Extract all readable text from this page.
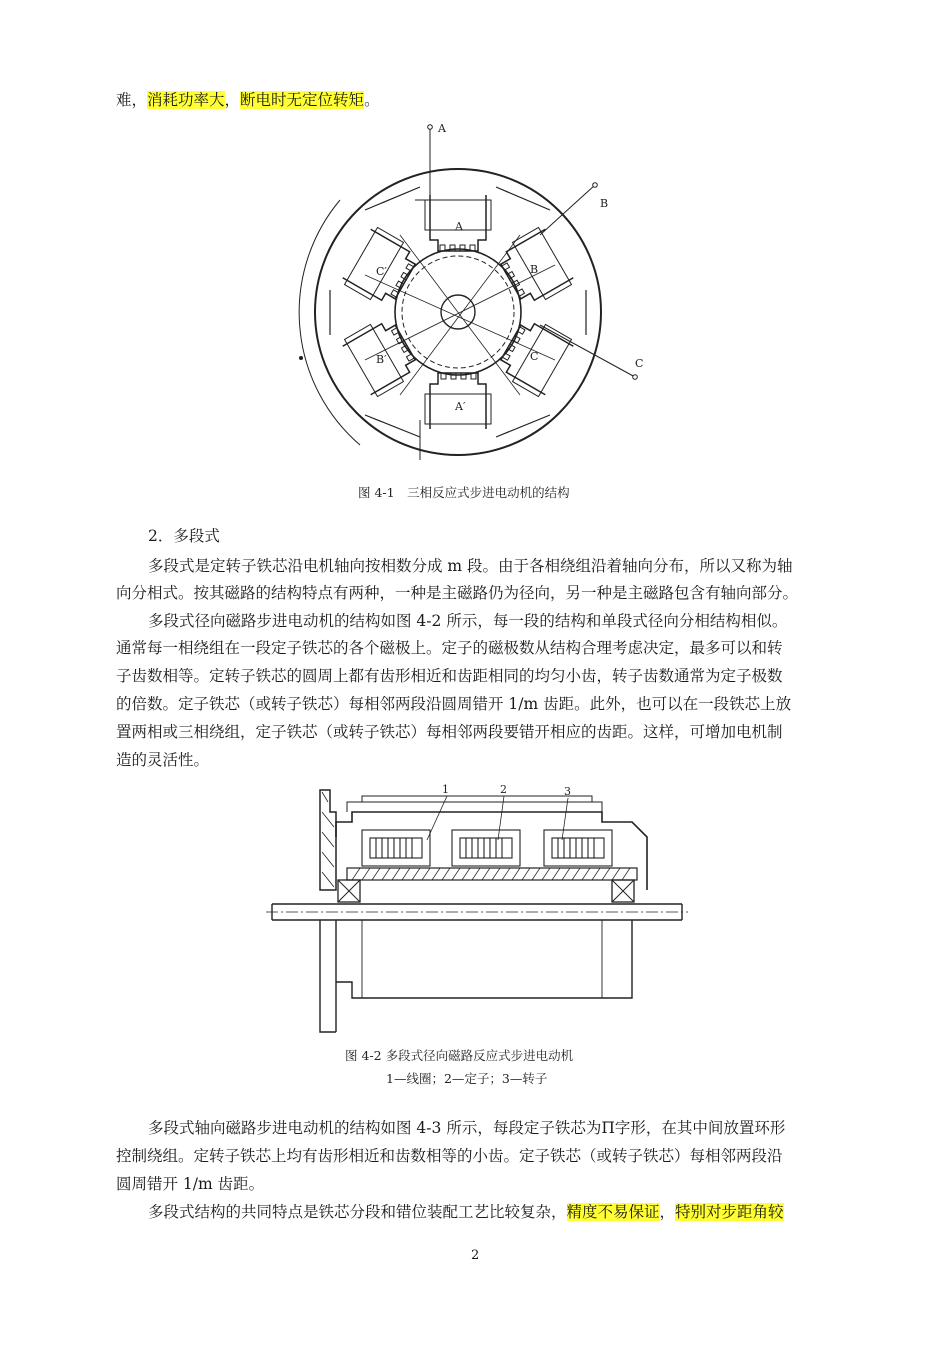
难，消耗功率大，断电时无定位转矩。
A
B
C
A
B
C
C′
B′
A′
图 4-1　三相反应式步进电动机的结构
2．多段式
多段式是定转子铁芯沿电机轴向按相数分成 m 段。由于各相绕组沿着轴向分布，所以又称为轴
向分相式。按其磁路的结构特点有两种，一种是主磁路仍为径向，另一种是主磁路包含有轴向部分。
多段式径向磁路步进电动机的结构如图 4-2 所示，每一段的结构和单段式径向分相结构相似。
通常每一相绕组在一段定子铁芯的各个磁极上。定子的磁极数从结构合理考虑决定，最多可以和转
子齿数相等。定转子铁芯的圆周上都有齿形相近和齿距相同的均匀小齿，转子齿数通常为定子极数
的倍数。定子铁芯（或转子铁芯）每相邻两段沿圆周错开 1/m 齿距。此外，也可以在一段铁芯上放
置两相或三相绕组，定子铁芯（或转子铁芯）每相邻两段要错开相应的齿距。这样，可增加电机制
造的灵活性。
1	2	3
图 4-2 多段式径向磁路反应式步进电动机
1—线圈；2—定子；3—转子
多段式轴向磁路步进电动机的结构如图 4-3 所示，每段定子铁芯为Π字形，在其中间放置环形
控制绕组。定转子铁芯上均有齿形相近和齿数相等的小齿。定子铁芯（或转子铁芯）每相邻两段沿
圆周错开 1/m 齿距。
多段式结构的共同特点是铁芯分段和错位装配工艺比较复杂，精度不易保证，特别对步距角较
2
